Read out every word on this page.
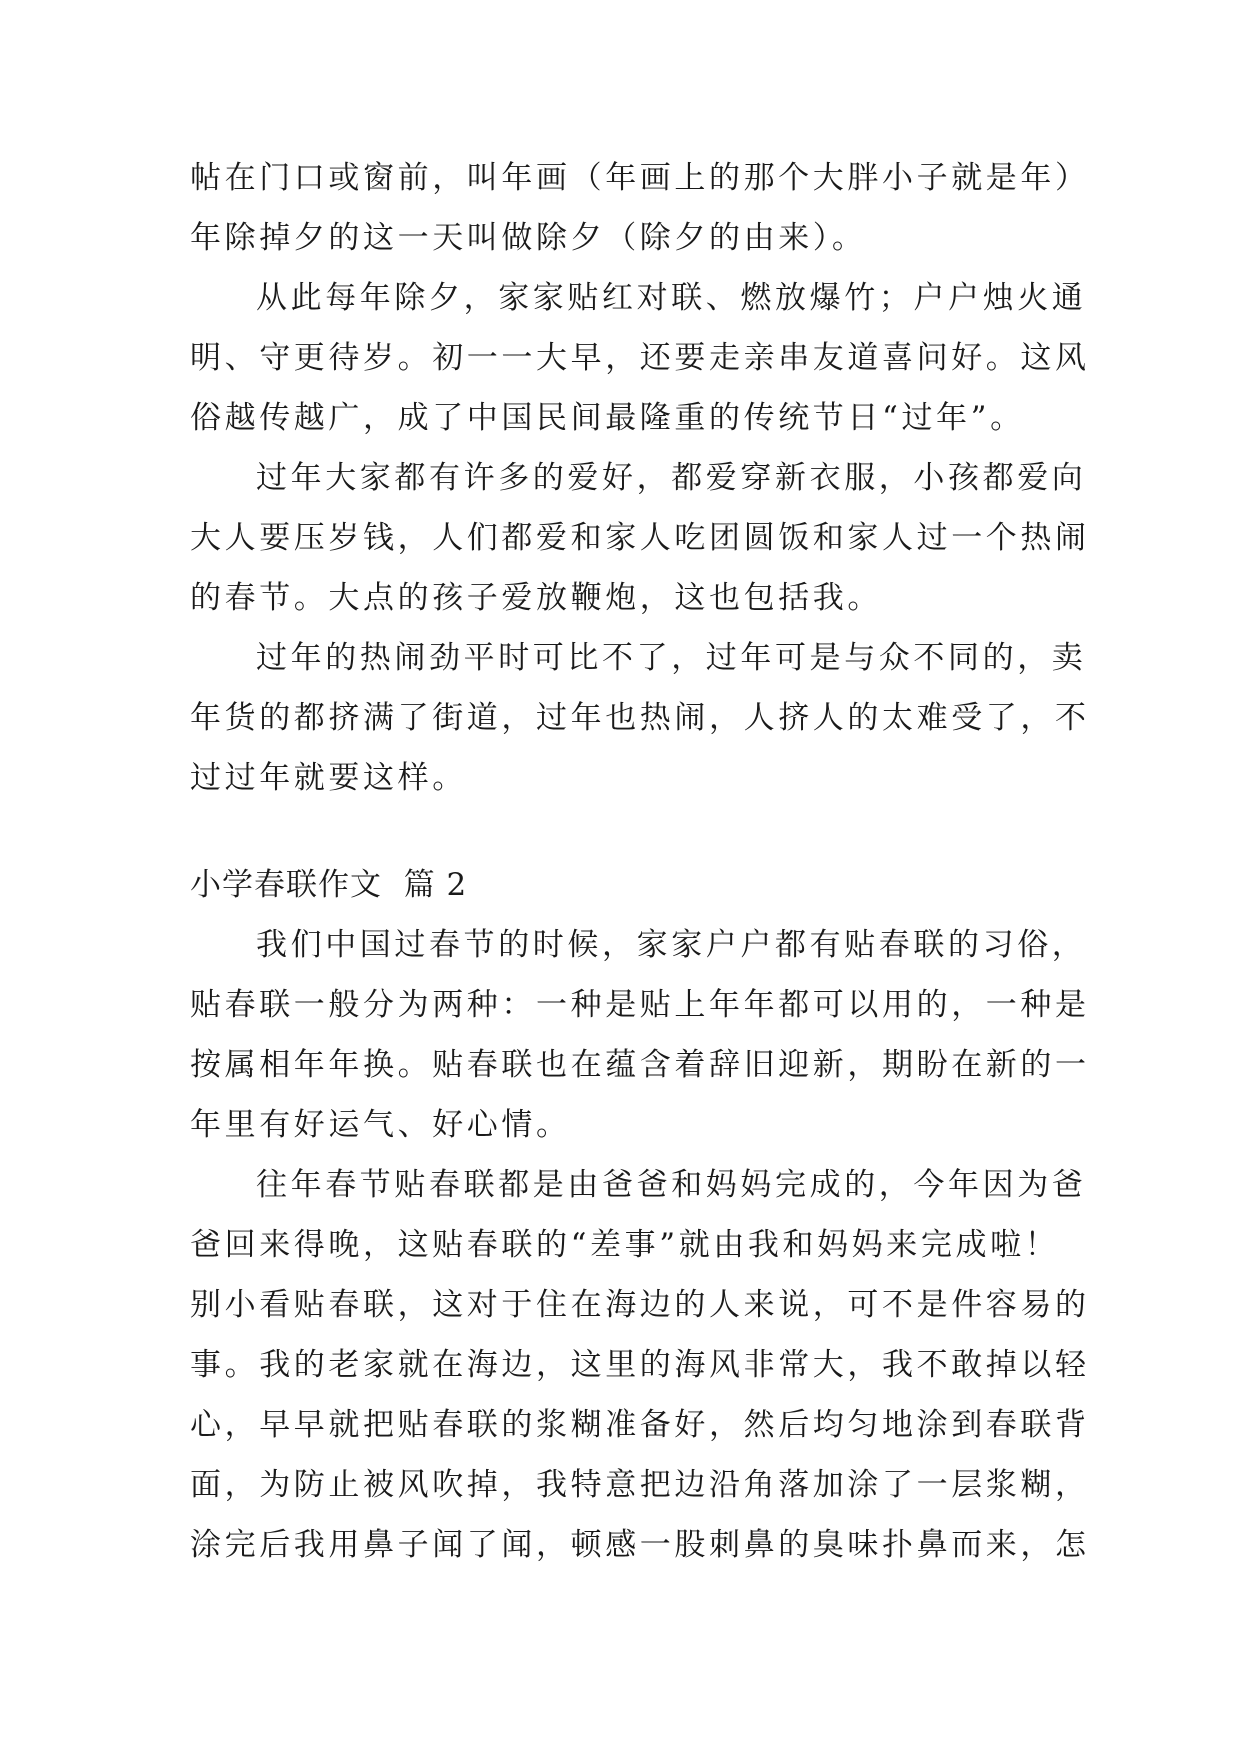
帖在门口或窗前，叫年画（年画上的那个大胖小子就是年）
年除掉夕的这一天叫做除夕（除夕的由来）。
从此每年除夕，家家贴红对联、燃放爆竹；户户烛火通
明、守更待岁。初一一大早，还要走亲串友道喜问好。这风
俗越传越广，成了中国民间最隆重的传统节日“过年”。
过年大家都有许多的爱好，都爱穿新衣服，小孩都爱向
大人要压岁钱，人们都爱和家人吃团圆饭和家人过一个热闹
的春节。大点的孩子爱放鞭炮，这也包括我。
过年的热闹劲平时可比不了，过年可是与众不同的，卖
年货的都挤满了街道，过年也热闹，人挤人的太难受了，不
过过年就要这样。
小学春联作文  篇 2
我们中国过春节的时候，家家户户都有贴春联的习俗，
贴春联一般分为两种：一种是贴上年年都可以用的，一种是
按属相年年换。贴春联也在蕴含着辞旧迎新，期盼在新的一
年里有好运气、好心情。
往年春节贴春联都是由爸爸和妈妈完成的，今年因为爸
爸回来得晚，这贴春联的“差事”就由我和妈妈来完成啦！
别小看贴春联，这对于住在海边的人来说，可不是件容易的
事。我的老家就在海边，这里的海风非常大，我不敢掉以轻
心，早早就把贴春联的浆糊准备好，然后均匀地涂到春联背
面，为防止被风吹掉，我特意把边沿角落加涂了一层浆糊，
涂完后我用鼻子闻了闻，顿感一股刺鼻的臭味扑鼻而来，怎
